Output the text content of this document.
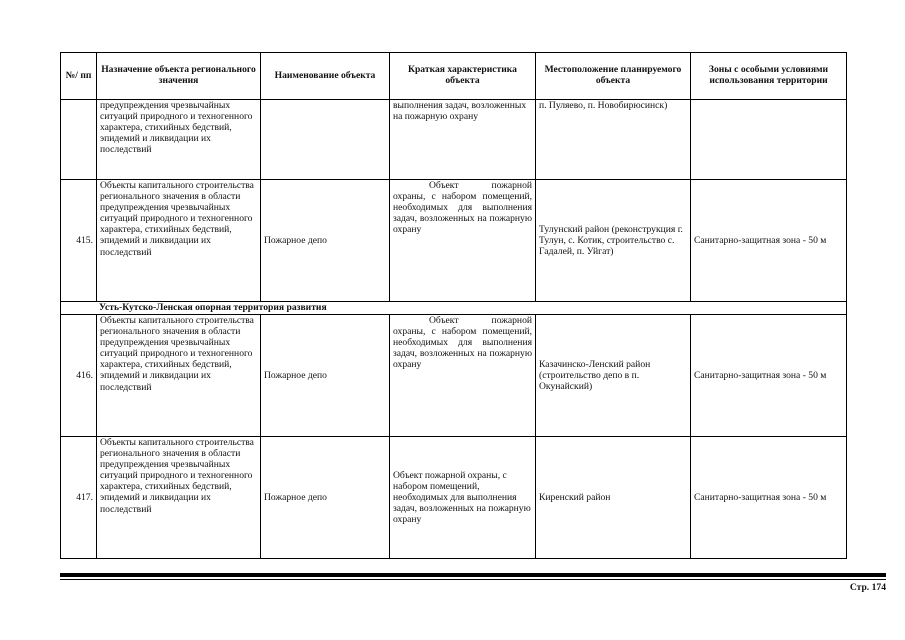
№/ пп	Назначение объекта регионального значения	Наименование объекта	Краткая характеристика объекта	Местоположение планируемого объекта	Зоны с особыми условиями использования территории
	предупреждения чрезвычайных ситуаций природного и техногенного характера, стихийных бедствий, эпидемий и ликвидации их последствий		выполнения задач, возложенных на пожарную охрану	п. Пуляево, п. Новобирюсинск)	
415.	Объекты капитального строительства регионального значения в области предупреждения чрезвычайных ситуаций природного и техногенного характера, стихийных бедствий, эпидемий и ликвидации их последствий	Пожарное депо	Объект пожарной охраны, с набором помещений, необходимых для выполнения задач, возложенных на пожарную охрану	Тулунский район (реконструкция г. Тулун, с. Котик, строительство с. Гадалей, п. Уйгат)	Санитарно-защитная зона - 50 м
Усть-Кутско-Ленская опорная территория развития					
416.	Объекты капитального строительства регионального значения в области предупреждения чрезвычайных ситуаций природного и техногенного характера, стихийных бедствий, эпидемий и ликвидации их последствий	Пожарное депо	Объект пожарной охраны, с набором помещений, необходимых для выполнения задач, возложенных на пожарную охрану	Казачинско-Ленский район (строительство депо в п. Окунайский)	Санитарно-защитная зона - 50 м
417.	Объекты капитального строительства регионального значения в области предупреждения чрезвычайных ситуаций природного и техногенного характера, стихийных бедствий, эпидемий и ликвидации их последствий	Пожарное депо	Объект пожарной охраны, с набором помещений, необходимых для выполнения задач, возложенных на пожарную охрану	Киренский район	Санитарно-защитная зона - 50 м
Стр. 174
